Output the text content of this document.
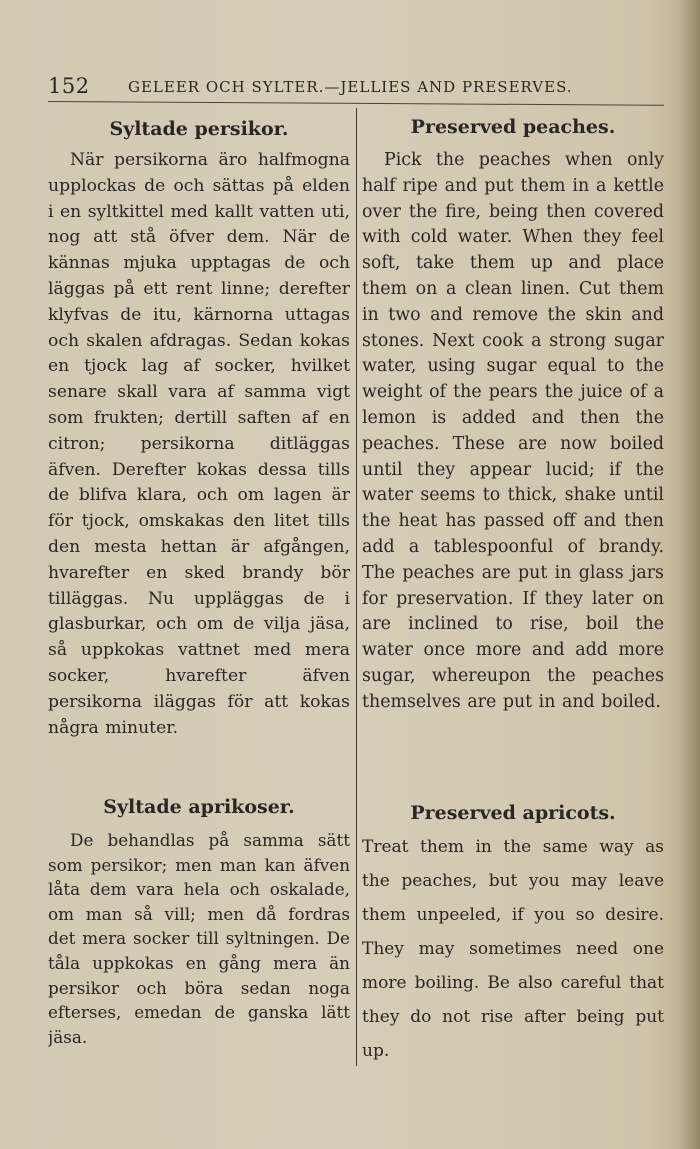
152	GELEER OCH SYLTER.—JELLIES AND PRESERVES.
Syltade persikor.

När persikorna äro halfmogna upplockas de och sättas på elden i en syltkittel med kallt vatten uti, nog att stå öfver dem. När de kännas mjuka upptagas de och läggas på ett rent linne; derefter klyfvas de itu, kärnorna uttagas och skalen afdragas. Sedan kokas en tjock lag af socker, hvilket senare skall vara af samma vigt som frukten; dertill saften af en citron; persikorna ditläggas äfven. Derefter kokas dessa tills de blifva klara, och om lagen är för tjock, omskakas den litet tills den mesta hettan är afgången, hvarefter en sked brandy bör tilläggas. Nu uppläggas de i glasburkar, och om de vilja jäsa, så uppkokas vattnet med mera socker, hvarefter äfven persikorna iläggas för att kokas några minuter.

Syltade aprikoser.

De behandlas på samma sätt som persikor; men man kan äfven låta dem vara hela och oskalade, om man så vill; men då fordras det mera socker till syltningen. De tåla uppkokas en gång mera än persikor och böra sedan noga efterses, emedan de ganska lätt jäsa.

Preserved peaches.

Pick the peaches when only half ripe and put them in a kettle over the fire, being then covered with cold water. When they feel soft, take them up and place them on a clean linen. Cut them in two and remove the skin and stones. Next cook a strong sugar water, using sugar equal to the weight of the pears the juice of a lemon is added and then the peaches. These are now boiled until they appear lucid; if the water seems to thick, shake until the heat has passed off and then add a tablespoonful of brandy. The peaches are put in glass jars for preservation. If they later on are inclined to rise, boil the water once more and add more sugar, whereupon the peaches themselves are put in and boiled.

Preserved apricots.

Treat them in the same way as the peaches, but you may leave them unpeeled, if you so desire. They may sometimes need one more boiling. Be also careful that they do not rise after being put up.
